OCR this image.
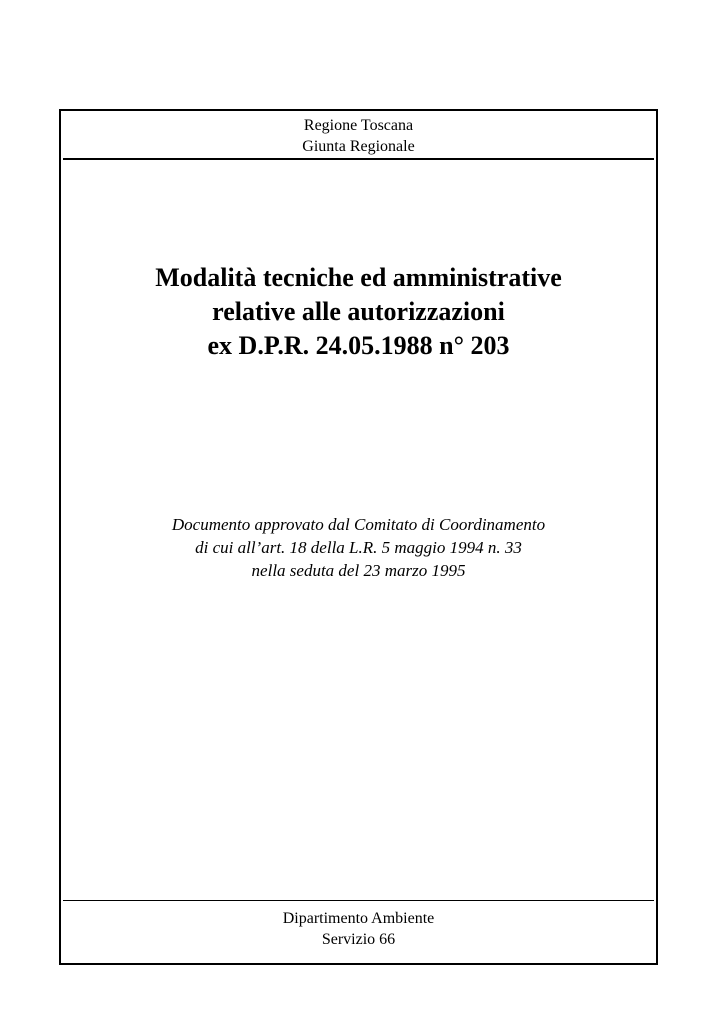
Regione Toscana
Giunta Regionale
Modalità tecniche ed amministrative
relative alle autorizzazioni
ex D.P.R. 24.05.1988 n° 203
Documento approvato dal Comitato di Coordinamento
di cui all’art. 18 della L.R. 5 maggio 1994 n. 33
nella seduta del 23 marzo 1995
Dipartimento Ambiente
Servizio 66
